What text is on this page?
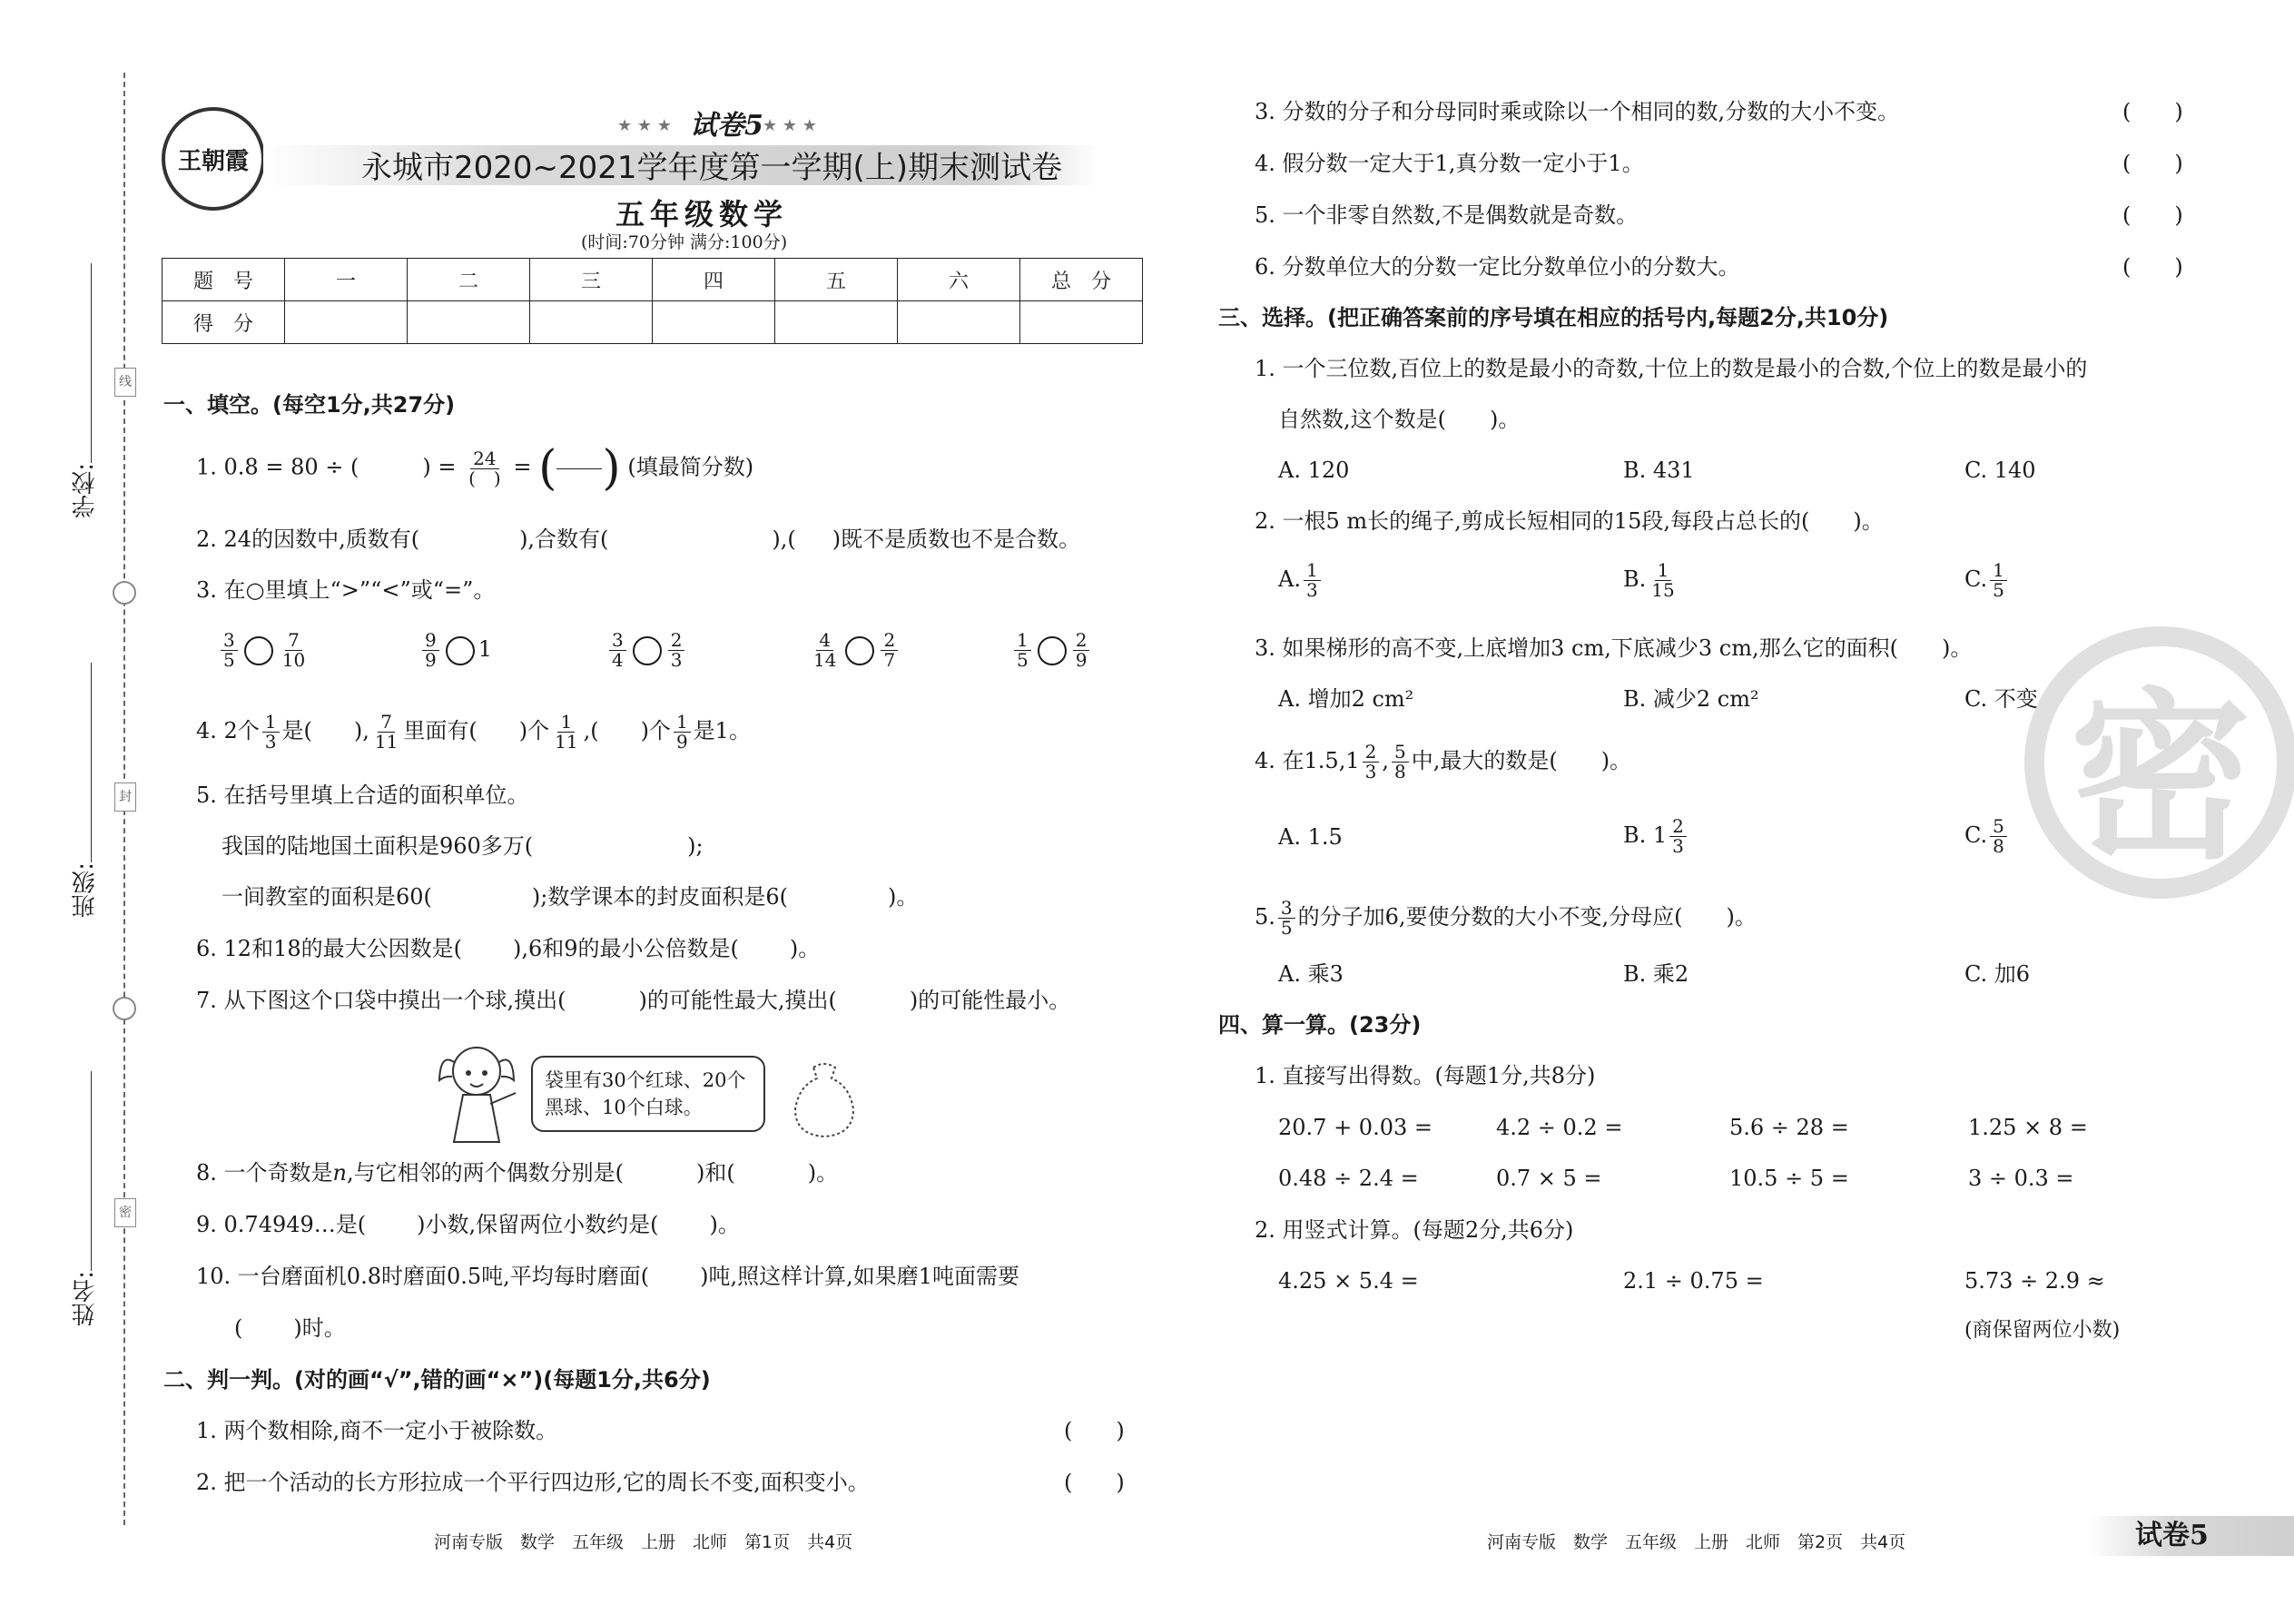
线
封
密
学校:
班级:
姓名:
王朝霞
试卷5
★ ★ ★	★ ★ ★
永城市2020~2021学年度第一学期(上)期末测试卷
五年级数学
(时间:70分钟 满分:100分)
题　号	一	二	三	四	五	六	总　分
得　分							
一、填空。(每空1分,共27分)
1. 0.8 = 80 ÷ (	) = $\frac{24}{( )}$ = ( ) (填最简分数)
2. 24的因数中,质数有(	),合数有(	),( )既不是质数也不是合数。
3. 在○里填上“>”“<”或“=”。
$\frac{3}{5} \frac{7}{10}$	$\frac{9}{9} 1$	$\frac{3}{4} \frac{2}{3}$	$\frac{4}{14} \frac{2}{7}$	$\frac{1}{5} \frac{2}{9}$
4. 2个 $\frac{1}{3}$ 是( ), $\frac{7}{11}$ 里面有( )个 $\frac{1}{11}$ ,( )个 $\frac{1}{9}$ 是1。
5. 在括号里填上合适的面积单位。
我国的陆地国土面积是960多万(	);
一间教室的面积是60(	);数学课本的封皮面积是6(	)。
6. 12和18的最大公因数是( ),6和9的最小公倍数是( )。
7. 从下图这个口袋中摸出一个球,摸出(	)的可能性最大,摸出(	)的可能性最小。
袋里有30个红球、20个
黑球、10个白球。
8. 一个奇数是n,与它相邻的两个偶数分别是(	)和(	)。
9. 0.74949…是( )小数,保留两位小数约是( )。
10. 一台磨面机0.8时磨面0.5吨,平均每时磨面( )吨,照这样计算,如果磨1吨面需要
( )时。
二、判一判。(对的画“√”,错的画“×”)(每题1分,共6分)
1. 两个数相除,商不一定小于被除数。	(　　)
2. 把一个活动的长方形拉成一个平行四边形,它的周长不变,面积变小。	(　　)
3. 分数的分子和分母同时乘或除以一个相同的数,分数的大小不变。	(　　)
4. 假分数一定大于1,真分数一定小于1。	(　　)
5. 一个非零自然数,不是偶数就是奇数。	(　　)
6. 分数单位大的分数一定比分数单位小的分数大。	(　　)
密
三、选择。(把正确答案前的序号填在相应的括号内,每题2分,共10分)
1. 一个三位数,百位上的数是最小的奇数,十位上的数是最小的合数,个位上的数是最小的
自然数,这个数是(　　)。
A. 120	B. 431	C. 140
2. 一根5 m长的绳子,剪成长短相同的15段,每段占总长的(　　)。
A. $\frac{1}{3}$	B. $\frac{1}{15}$	C. $\frac{1}{5}$
3. 如果梯形的高不变,上底增加3 cm,下底减少3 cm,那么它的面积(　　)。
A. 增加2 cm²	B. 减少2 cm²	C. 不变
4. 在$1.5,1 \frac{2}{3}$ , $\frac{5}{8}$ 中,最大的数是(　　)。
A. 1.5	B. $1 \frac{2}{3}$	C. $\frac{5}{8}$
5. $\frac{3}{5}$ 的分子加6,要使分数的大小不变,分母应(　　)。
A. 乘3	B. 乘2	C. 加6
四、算一算。(23分)
1. 直接写出得数。(每题1分,共8分)
20.7 + 0.03 =	4.2 ÷ 0.2 =	5.6 ÷ 28 =	1.25 × 8 =
0.48 ÷ 2.4 =	0.7 × 5 =	10.5 ÷ 5 =	3 ÷ 0.3 =
2. 用竖式计算。(每题2分,共6分)
4.25 × 5.4 =	2.1 ÷ 0.75 =	5.73 ÷ 2.9 ≈
(商保留两位小数)
河南专版　数学　五年级　上册　北师　第1页　共4页	河南专版　数学　五年级　上册　北师　第2页　共4页	试卷5
